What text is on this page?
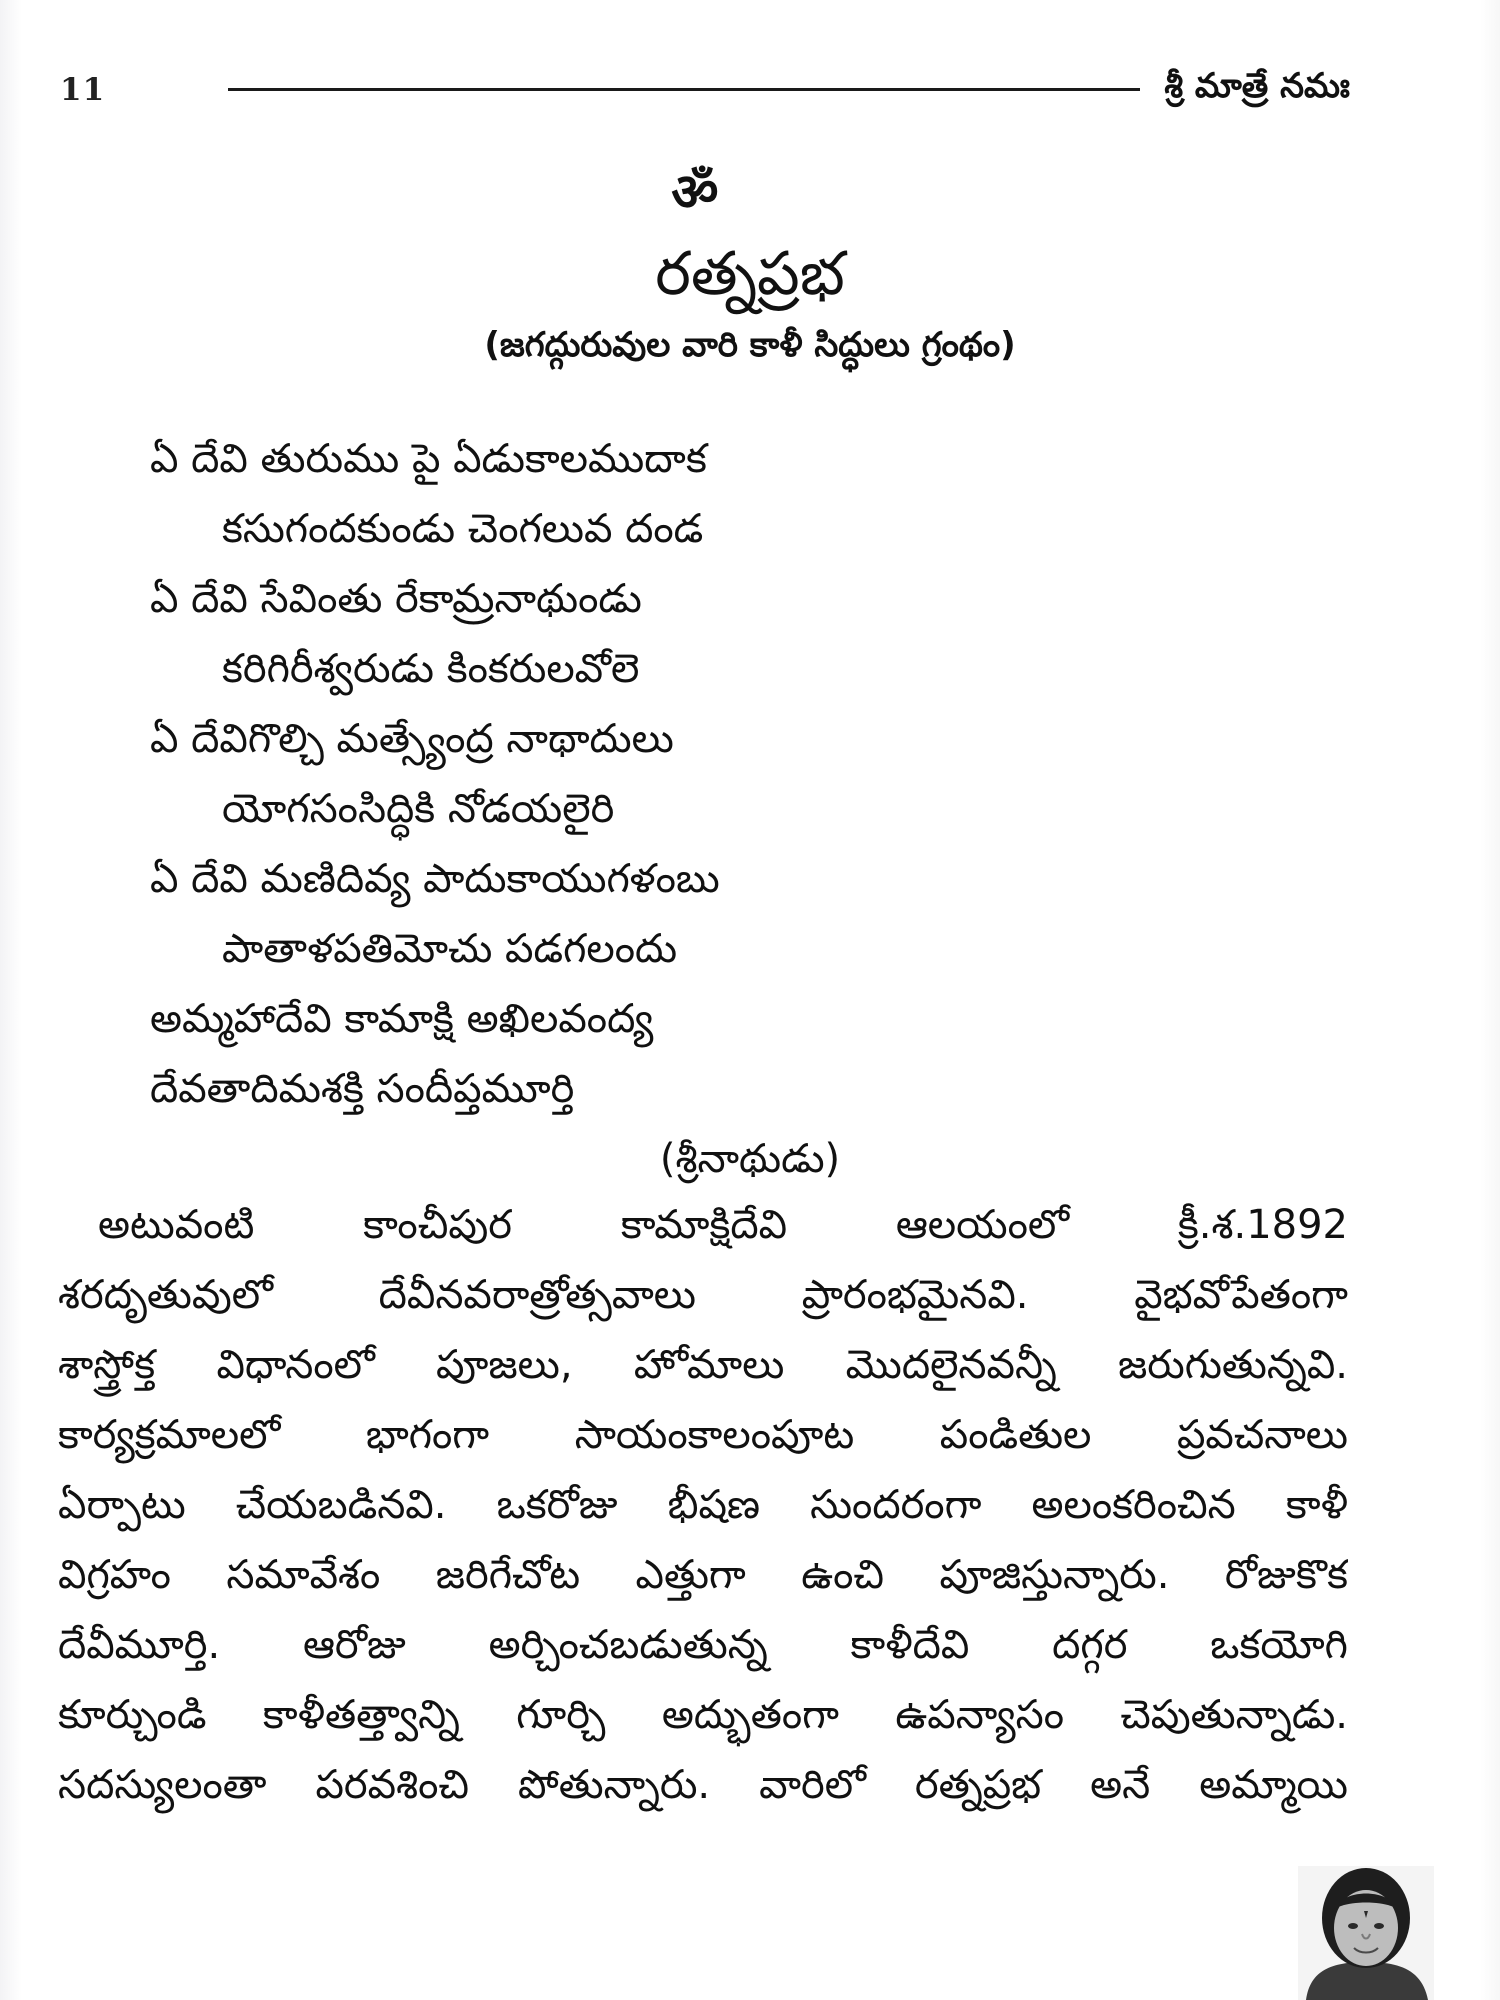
11	శ్రీ మాత్రే నమః
ॐ
రత్నప్రభ
(జగద్గురువుల వారి కాళీ సిద్ధులు గ్రంథం)
ఏ దేవి తురుము పై ఏడుకాలముదాక
కసుగందకుండు చెంగలువ దండ
ఏ దేవి సేవింతు రేకామ్రనాథుండు
కరిగిరీశ్వరుడు కింకరులవోలె
ఏ దేవిగొల్చి మత్స్యేంద్ర నాథాదులు
యోగసంసిద్ధికి నోడయలైరి
ఏ దేవి మణిదివ్య పాదుకాయుగళంబు
పాతాళపతిమోచు పడగలందు
అమ్మహాదేవి కామాక్షి అఖిలవంద్య
దేవతాదిమశక్తి సందీప్తమూర్తి
(శ్రీనాథుడు)
అటువంటి కాంచీపుర కామాక్షిదేవి ఆలయంలో క్రీ.శ.1892
శరదృతువులో దేవీనవరాత్రోత్సవాలు ప్రారంభమైనవి. వైభవోపేతంగా
శాస్త్రోక్త విధానంలో పూజలు, హోమాలు మొదలైనవన్నీ జరుగుతున్నవి.
కార్యక్రమాలలో భాగంగా సాయంకాలంపూట పండితుల ప్రవచనాలు
ఏర్పాటు చేయబడినవి. ఒకరోజు భీషణ సుందరంగా అలంకరించిన కాళీ
విగ్రహం సమావేశం జరిగేచోట ఎత్తుగా ఉంచి పూజిస్తున్నారు. రోజుకొక
దేవీమూర్తి. ఆరోజు అర్చించబడుతున్న కాళీదేవి దగ్గర ఒకయోగి
కూర్చుండి కాళీతత్త్వాన్ని గూర్చి అద్భుతంగా ఉపన్యాసం చెపుతున్నాడు.
సదస్యులంతా పరవశించి పోతున్నారు. వారిలో రత్నప్రభ అనే అమ్మాయి
